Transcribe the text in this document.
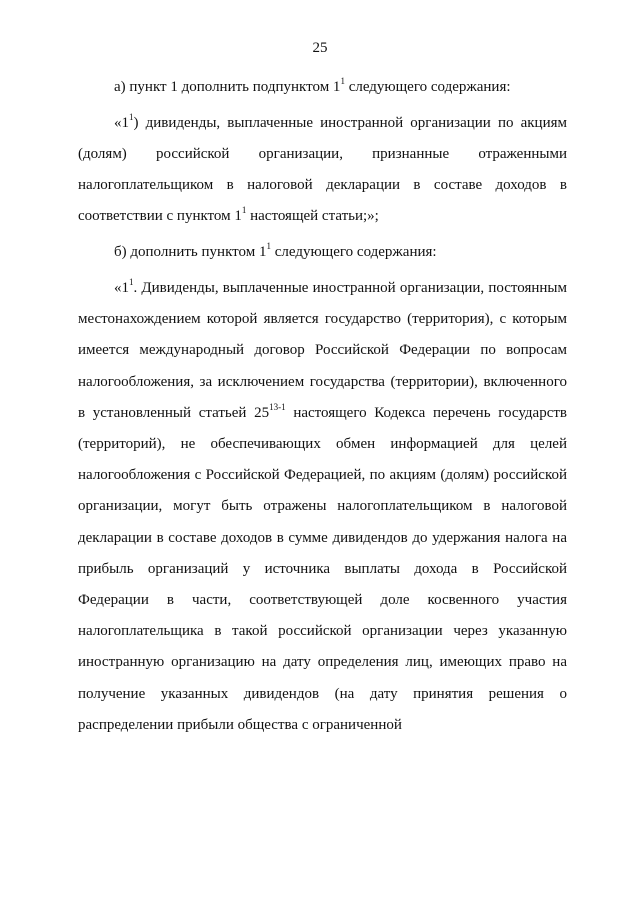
25

а) пункт 1 дополнить подпунктом $1^1$ следующего содержания:

«$1^1$) дивиденды, выплаченные иностранной организации по акциям (долям) российской организации, признанные отраженными налогоплательщиком в налоговой декларации в составе доходов в соответствии с пунктом $1^1$ настоящей статьи;»;

б) дополнить пунктом $1^1$ следующего содержания:

«$1^1$. Дивиденды, выплаченные иностранной организации, постоянным местонахождением которой является государство (территория), с которым имеется международный договор Российской Федерации по вопросам налогообложения, за исключением государства (территории), включенного в установленный статьей 25$^{13-1}$ настоящего Кодекса перечень государств (территорий), не обеспечивающих обмен информацией для целей налогообложения с Российской Федерацией, по акциям (долям) российской организации, могут быть отражены налогоплательщиком в налоговой декларации в составе доходов в сумме дивидендов до удержания налога на прибыль организаций у источника выплаты дохода в Российской Федерации в части, соответствующей доле косвенного участия налогоплательщика в такой российской организации через указанную иностранную организацию на дату определения лиц, имеющих право на получение указанных дивидендов (на дату принятия решения о распределении прибыли общества с ограниченной
